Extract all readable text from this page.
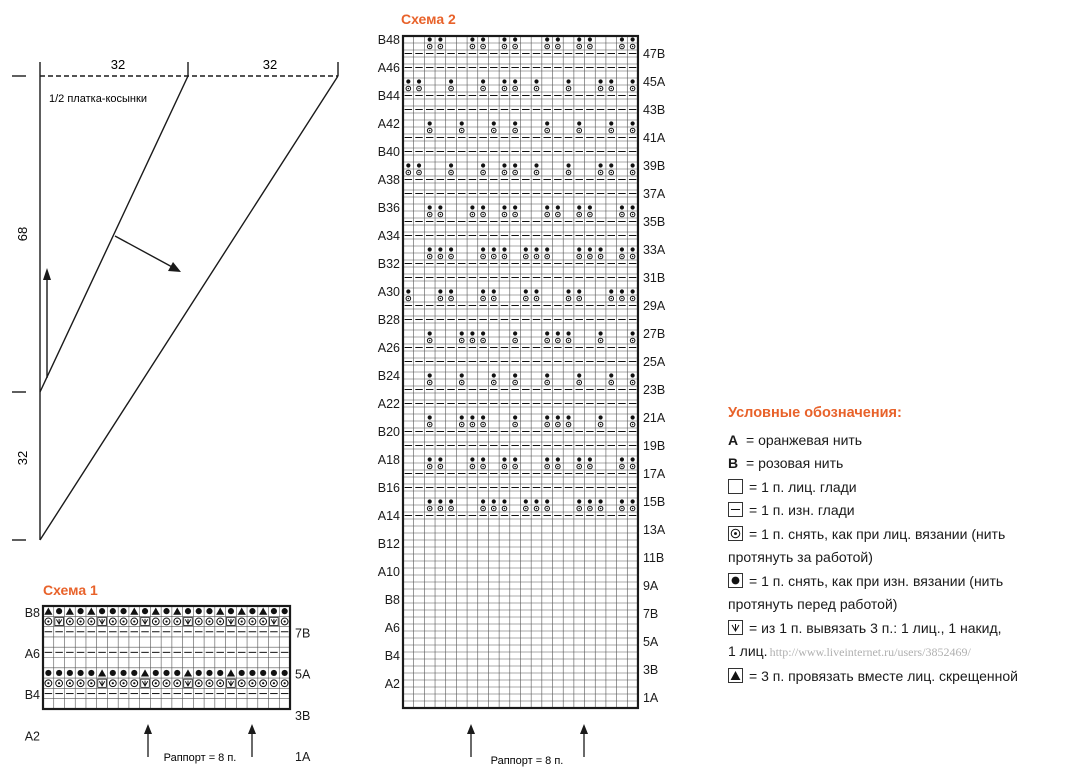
32	32
1/2 платка-косынки
68
32
Схема 1
B8
A6
B4
A2
7B
5A
3B
1A
Раппорт = 8 п.
Схема 2
B48
A46
B44
A42
B40
A38
B36
A34
B32
A30
B28
A26
B24
A22
B20
A18
B16
A14
B12
A10
B8
A6
B4
A2
47B
45A
43B
41A
39B
37A
35B
33A
31B
29A
27B
25A
23B
21A
19B
17A
15B
13A
11B
9A
7B
5A
3B
1A
Раппорт = 8 п.
Условные обозначения:
A = оранжевая нить
B = розовая нить
= 1 п. лиц. глади
= 1 п. изн. глади
= 1 п. снять, как при лиц. вязании (нить
протянуть за работой)
= 1 п. снять, как при изн. вязании (нить
протянуть перед работой)
= из 1 п. вывязать 3 п.: 1 лиц., 1 накид,
1 лиц. http://www.liveinternet.ru/users/3852469/
= 3 п. провязать вместе лиц. скрещенной
